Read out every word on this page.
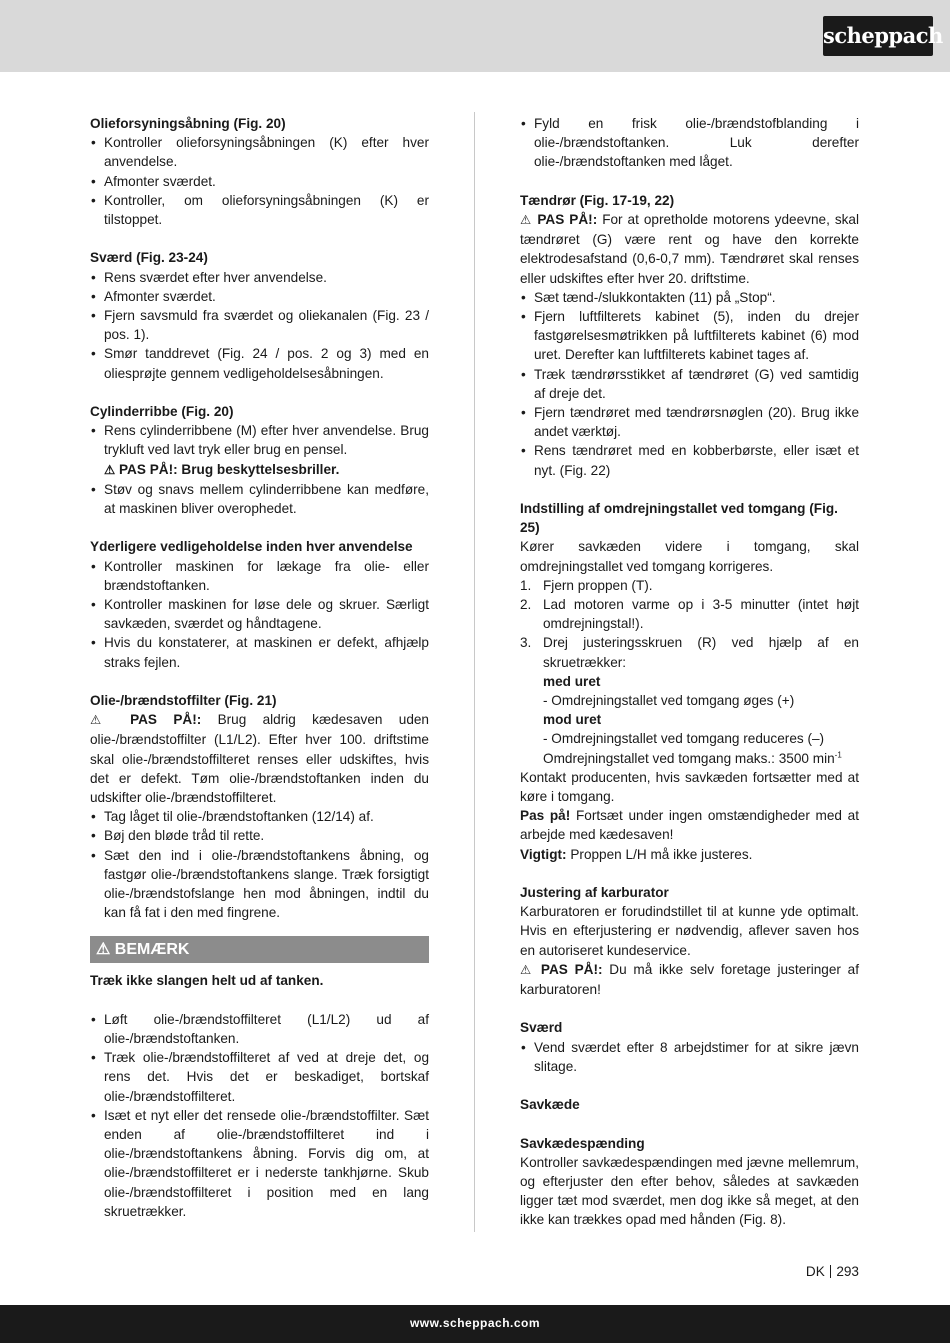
scheppach

Olieforsyningsåbning (Fig. 20)

• Kontroller olieforsyningsåbningen (K) efter hver anvendelse.

• Afmonter sværdet.

• Kontroller, om olieforsyningsåbningen (K) er tilstoppet.

Sværd (Fig. 23-24)

• Rens sværdet efter hver anvendelse.

• Afmonter sværdet.

• Fjern savsmuld fra sværdet og oliekanalen (Fig. 23 / pos. 1).

• Smør tanddrevet (Fig. 24 / pos. 2 og 3) med en oliesprøjte gennem vedligeholdelsesåbningen.

Cylinderribbe (Fig. 20)

• Rens cylinderribbene (M) efter hver anvendelse. Brug trykluft ved lavt tryk eller brug en pensel.

⚠ PAS PÅ!: Brug beskyttelsesbriller.

• Støv og snavs mellem cylinderribbene kan medføre, at maskinen bliver overophedet.

Yderligere vedligeholdelse inden hver anvendelse

• Kontroller maskinen for lækage fra olie- eller brændstoftanken.

• Kontroller maskinen for løse dele og skruer. Særligt savkæden, sværdet og håndtagene.

• Hvis du konstaterer, at maskinen er defekt, afhjælp straks fejlen.

Olie-/brændstoffilter (Fig. 21)

⚠ PAS PÅ!: Brug aldrig kædesaven uden olie-/brændstoffilter (L1/L2). Efter hver 100. driftstime skal olie-/brændstoffilteret renses eller udskiftes, hvis det er defekt. Tøm olie-/brændstoftanken inden du udskifter olie-/brændstoffilteret.

• Tag låget til olie-/brændstoftanken (12/14) af.

• Bøj den bløde tråd til rette.

• Sæt den ind i olie-/brændstoftankens åbning, og fastgør olie-/brændstoftankens slange. Træk forsigtigt olie-/brændstofslange hen mod åbningen, indtil du kan få fat i den med fingrene.

⚠ BEMÆRK

Træk ikke slangen helt ud af tanken.

• Løft olie-/brændstoffilteret (L1/L2) ud af olie-/brændstoftanken.

• Træk olie-/brændstoffilteret af ved at dreje det, og rens det. Hvis det er beskadiget, bortskaf olie-/brændstoffilteret.

• Isæt et nyt eller det rensede olie-/brændstoffilter. Sæt enden af olie-/brændstoffilteret ind i olie-/brændstoftankens åbning. Forvis dig om, at olie-/brændstoffilteret er i nederste tankhjørne. Skub olie-/brændstoffilteret i position med en lang skruetrækker.

• Fyld en frisk olie-/brændstofblanding i olie-/brændstoftanken. Luk derefter olie-/brændstoftanken med låget.

Tændrør (Fig. 17-19, 22)

⚠ PAS PÅ!: For at opretholde motorens ydeevne, skal tændrøret (G) være rent og have den korrekte elektrodesafstand (0,6-0,7 mm). Tændrøret skal renses eller udskiftes efter hver 20. driftstime.

• Sæt tænd-/slukkontakten (11) på „Stop“.

• Fjern luftfilterets kabinet (5), inden du drejer fastgørelsesmøtrikken på luftfilterets kabinet (6) mod uret. Derefter kan luftfilterets kabinet tages af.

• Træk tændrørsstikket af tændrøret (G) ved samtidig af dreje det.

• Fjern tændrøret med tændrørsnøglen (20). Brug ikke andet værktøj.

• Rens tændrøret med en kobberbørste, eller isæt et nyt. (Fig. 22)

Indstilling af omdrejningstallet ved tomgang (Fig. 25)

Kører savkæden videre i tomgang, skal omdrejningstallet ved tomgang korrigeres.

1. Fjern proppen (T).

2. Lad motoren varme op i 3-5 minutter (intet højt omdrejningstal!).

3. Drej justeringsskruen (R) ved hjælp af en skruetrækker:

med uret

- Omdrejningstallet ved tomgang øges (+)

mod uret

- Omdrejningstallet ved tomgang reduceres (–)

Omdrejningstallet ved tomgang maks.: 3500 $\min^{-1}$

Kontakt producenten, hvis savkæden fortsætter med at køre i tomgang.

Pas på! Fortsæt under ingen omstændigheder med at arbejde med kædesaven!

Vigtigt: Proppen L/H må ikke justeres.

Justering af karburator

Karburatoren er forudindstillet til at kunne yde optimalt. Hvis en efterjustering er nødvendig, aflever saven hos en autoriseret kundeservice.

⚠ PAS PÅ!: Du må ikke selv foretage justeringer af karburatoren!

Sværd

• Vend sværdet efter 8 arbejdstimer for at sikre jævn slitage.

Savkæde

Savkædespænding

Kontroller savkædespændingen med jævne mellemrum, og efterjuster den efter behov, således at savkæden ligger tæt mod sværdet, men dog ikke så meget, at den ikke kan trækkes opad med hånden (Fig. 8).

DK 293
www.scheppach.com
